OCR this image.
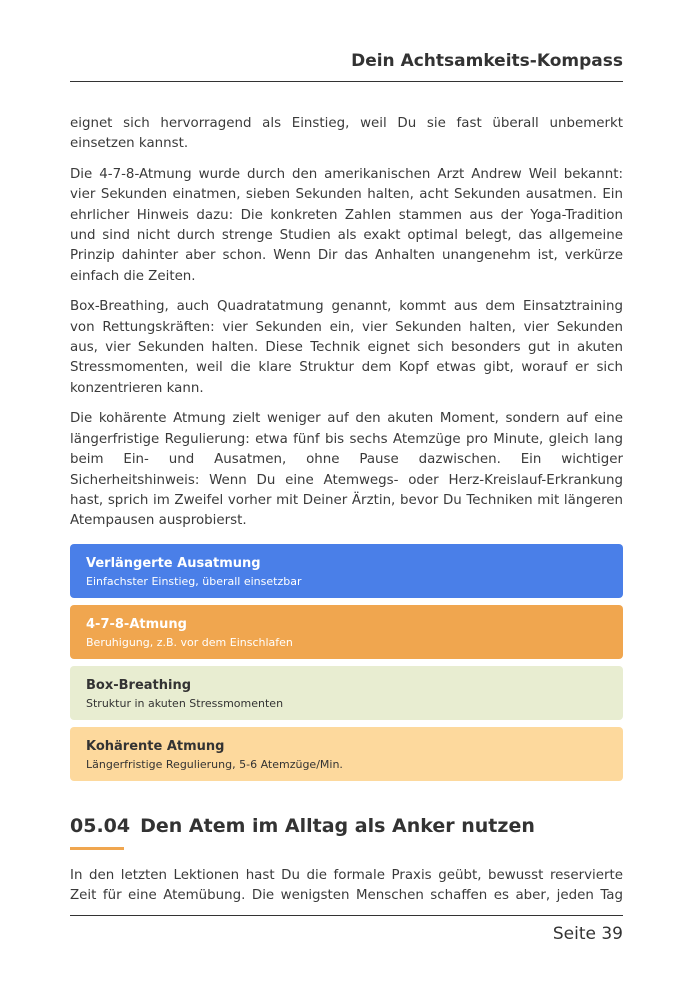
Dein Achtsamkeits-Kompass

eignet sich hervorragend als Einstieg, weil Du sie fast überall unbemerkt einsetzen kannst.

Die 4-7-8-Atmung wurde durch den amerikanischen Arzt Andrew Weil bekannt: vier Sekunden einatmen, sieben Sekunden halten, acht Sekunden ausatmen. Ein ehrlicher Hinweis dazu: Die konkreten Zahlen stammen aus der Yoga-Tradition und sind nicht durch strenge Studien als exakt optimal belegt, das allgemeine Prinzip dahinter aber schon. Wenn Dir das Anhalten unangenehm ist, verkürze einfach die Zeiten.

Box-Breathing, auch Quadratatmung genannt, kommt aus dem Einsatztraining von Rettungskräften: vier Sekunden ein, vier Sekunden halten, vier Sekunden aus, vier Sekunden halten. Diese Technik eignet sich besonders gut in akuten Stressmomenten, weil die klare Struktur dem Kopf etwas gibt, worauf er sich konzentrieren kann.

Die kohärente Atmung zielt weniger auf den akuten Moment, sondern auf eine längerfristige Regulierung: etwa fünf bis sechs Atemzüge pro Minute, gleich lang beim Ein- und Ausatmen, ohne Pause dazwischen. Ein wichtiger Sicherheitshinweis: Wenn Du eine Atemwegs- oder Herz-Kreislauf-Erkrankung hast, sprich im Zweifel vorher mit Deiner Ärztin, bevor Du Techniken mit längeren Atempausen ausprobierst.

Verlängerte Ausatmung
Einfachster Einstieg, überall einsetzbar
4-7-8-Atmung
Beruhigung, z.B. vor dem Einschlafen
Box-Breathing
Struktur in akuten Stressmomenten
Kohärente Atmung
Längerfristige Regulierung, 5-6 Atemzüge/Min.
05.04 Den Atem im Alltag als Anker nutzen

In den letzten Lektionen hast Du die formale Praxis geübt, bewusst reservierte Zeit für eine Atemübung. Die wenigsten Menschen schaffen es aber, jeden Tag

Seite 39
